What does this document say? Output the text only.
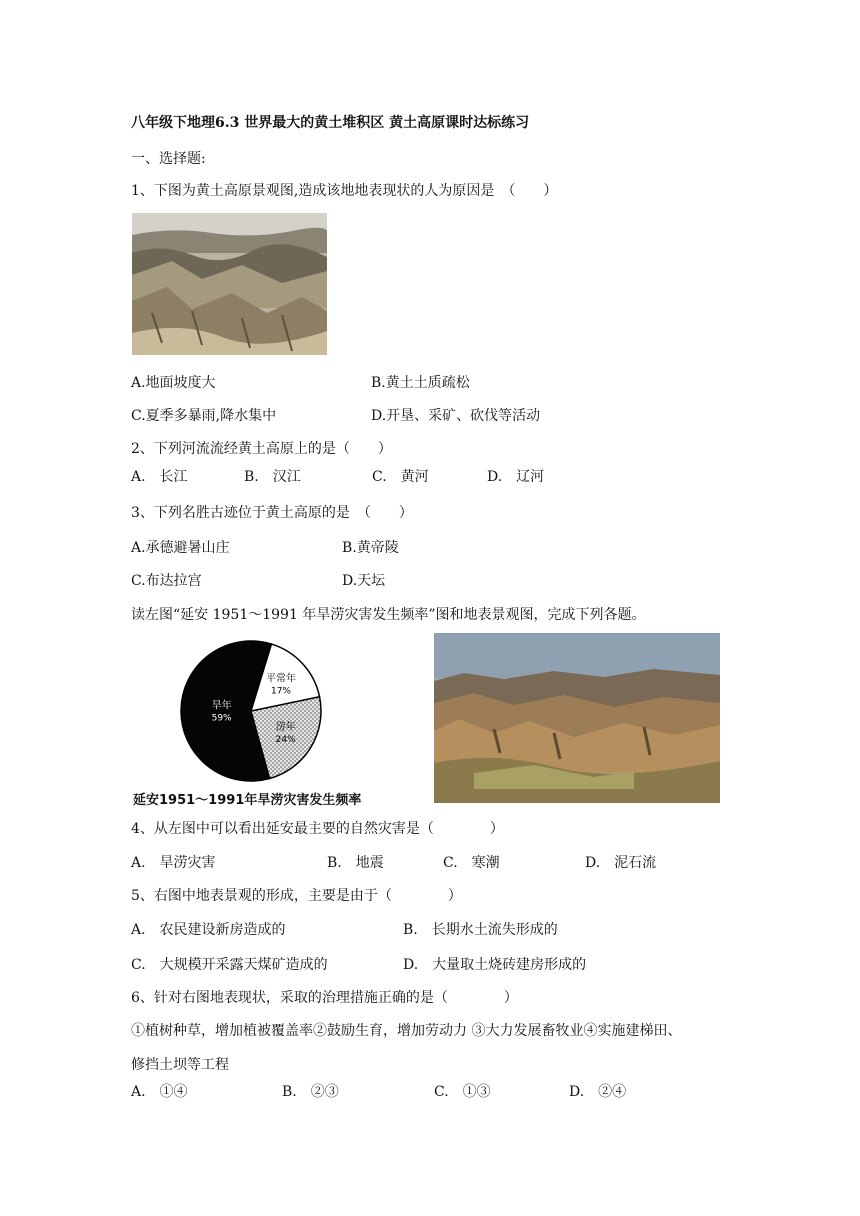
八年级下地理6.3 世界最大的黄土堆积区 黄土高原课时达标练习
一、选择题:
1、下图为黄土高原景观图,造成该地地表现状的人为原因是　（　　）
A.地面坡度大	B.黄土土质疏松
C.夏季多暴雨,降水集中	D.开垦、采矿、砍伐等活动
2、下列河流流经黄土高原上的是（　　）
A.　长江	B.　汉江	C.　黄河	D.　辽河
3、下列名胜古迹位于黄土高原的是　（　　）
A.承德避暑山庄	B.黄帝陵
C.布达拉宫	D.天坛
读左图“延安 1951～1991 年旱涝灾害发生频率”图和地表景观图，完成下列各题。
旱年
59%
涝年
24%
平常年
17%
延安1951～1991年旱涝灾害发生频率
4、从左图中可以看出延安最主要的自然灾害是（　　　　）
A.　旱涝灾害	B.　地震	C.　寒潮	D.　泥石流
5、右图中地表景观的形成，主要是由于（　　　　）
A.　农民建设新房造成的	B.　长期水土流失形成的
C.　大规模开采露天煤矿造成的	D.　大量取土烧砖建房形成的
6、针对右图地表现状，采取的治理措施正确的是（　　　　）
①植树种草，增加植被覆盖率②鼓励生育，增加劳动力 ③大力发展畜牧业④实施建梯田、
修挡土坝等工程
A.　①④	B.　②③	C.　①③	D.　②④
